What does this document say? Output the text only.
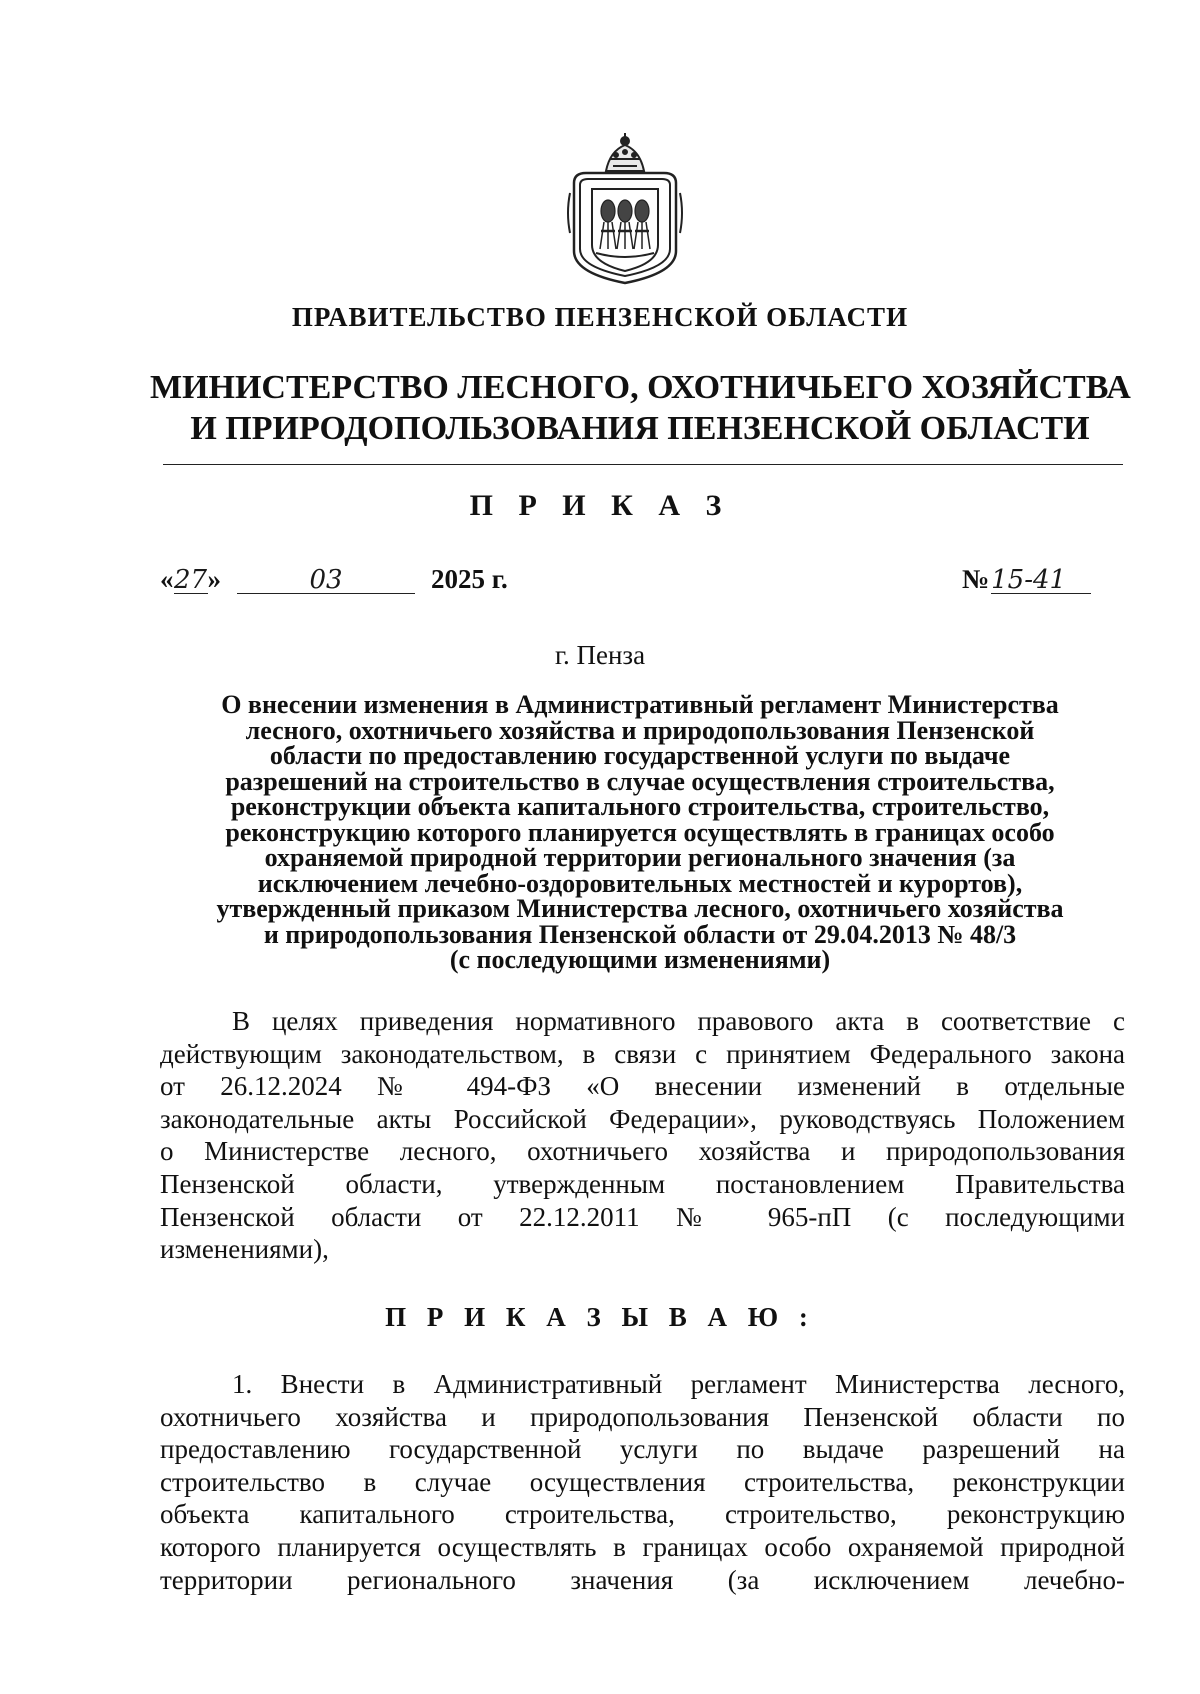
ПРАВИТЕЛЬСТВО ПЕНЗЕНСКОЙ ОБЛАСТИ
МИНИСТЕРСТВО ЛЕСНОГО, ОХОТНИЧЬЕГО ХОЗЯЙСТВА
И ПРИРОДОПОЛЬЗОВАНИЯ ПЕНЗЕНСКОЙ ОБЛАСТИ
П Р И К А З
«27»	03	2025 г.	№15-41
г. Пенза
О внесении изменения в Административный регламент Министерства
лесного, охотничьего хозяйства и природопользования Пензенской
области по предоставлению государственной услуги по выдаче
разрешений на строительство в случае осуществления строительства,
реконструкции объекта капитального строительства, строительство,
реконструкцию которого планируется осуществлять в границах особо
охраняемой природной территории регионального значения (за
исключением лечебно-оздоровительных местностей и курортов),
утвержденный приказом Министерства лесного, охотничьего хозяйства
и природопользования Пензенской области от 29.04.2013 № 48/3
(с последующими изменениями)
В целях приведения нормативного правового акта в соответствие с
действующим законодательством, в связи с принятием Федерального закона
от 26.12.2024 № 494-ФЗ «О внесении изменений в отдельные
законодательные акты Российской Федерации», руководствуясь Положением
о Министерстве лесного, охотничьего хозяйства и природопользования
Пензенской области, утвержденным постановлением Правительства
Пензенской области от 22.12.2011 № 965-пП (с последующими
изменениями),
П Р И К А З Ы В А Ю :
1. Внести в Административный регламент Министерства лесного,
охотничьего хозяйства и природопользования Пензенской области по
предоставлению государственной услуги по выдаче разрешений на
строительство в случае осуществления строительства, реконструкции
объекта капитального строительства, строительство, реконструкцию
которого планируется осуществлять в границах особо охраняемой природной
территории регионального значения (за исключением лечебно-
